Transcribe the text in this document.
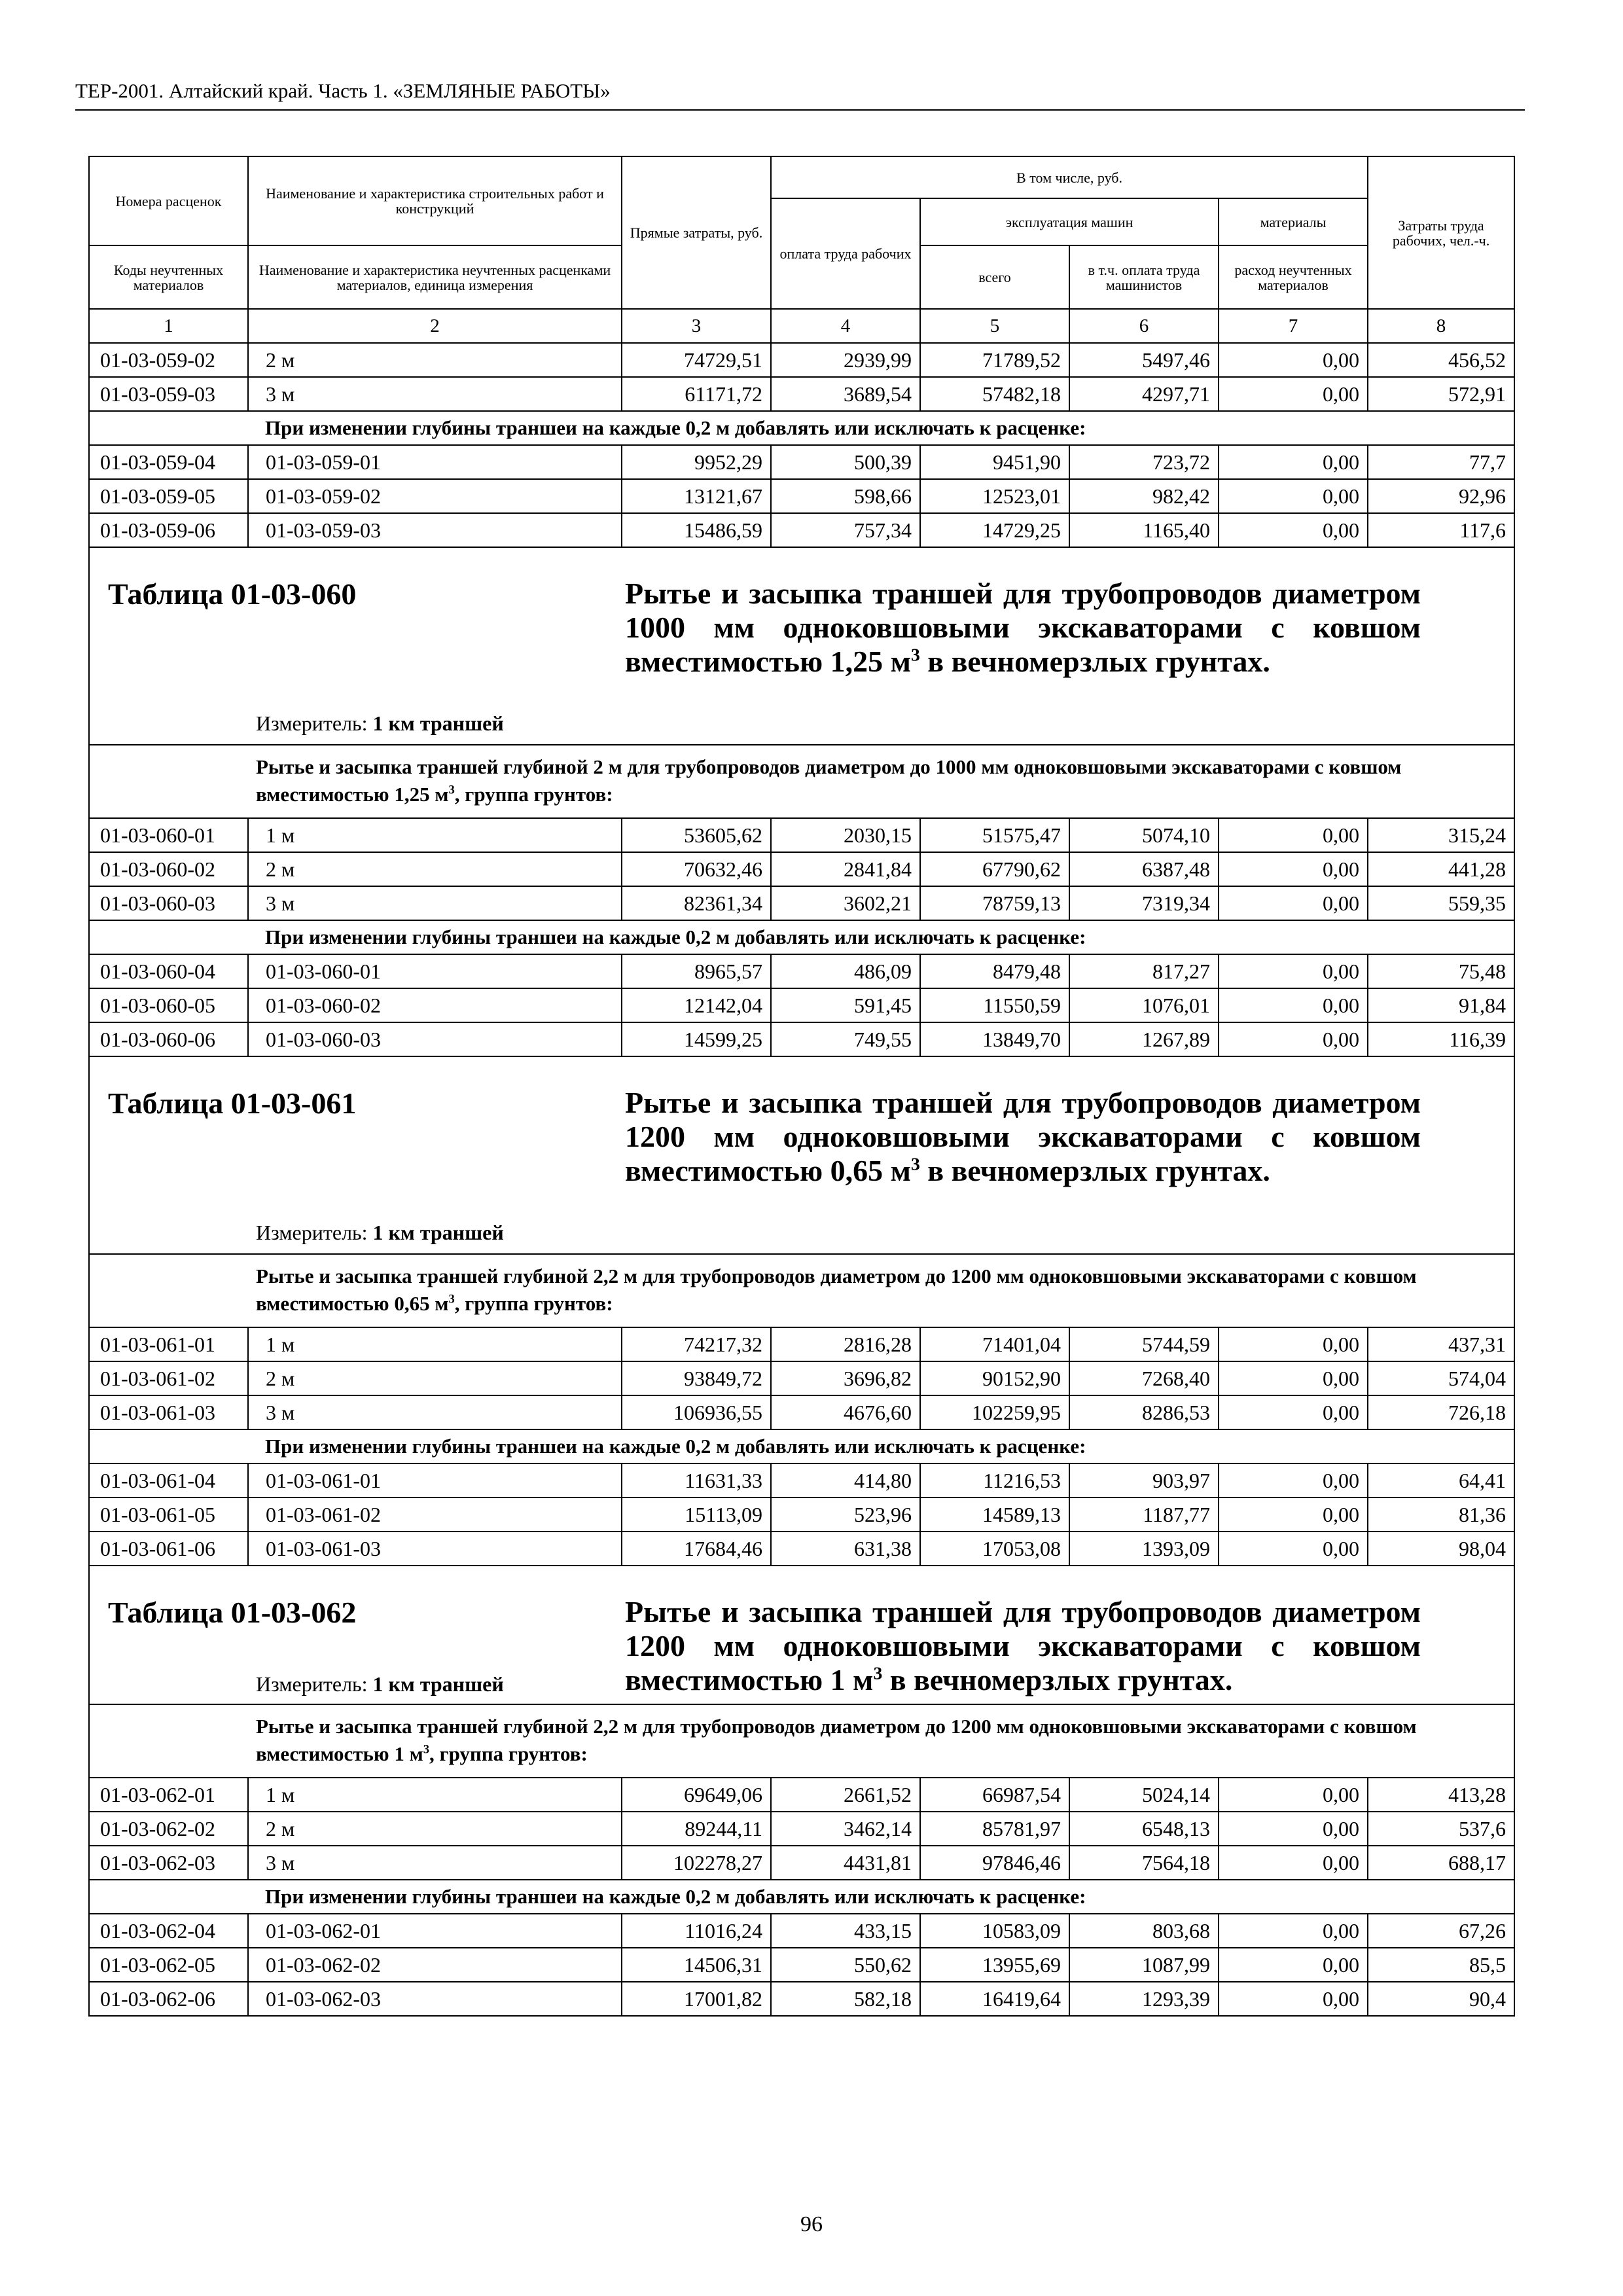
ТЕР-2001. Алтайский край. Часть 1. «ЗЕМЛЯНЫЕ РАБОТЫ»
Номера расценок	Наименование и характеристика строительных работ и конструкций	Прямые затраты, руб.	В том числе, руб.				Затраты труда рабочих, чел.-ч.
			оплата труда рабочих	эксплуатация машин		материалы	
Коды неучтенных материалов	Наименование и характеристика неучтенных расценками материалов, единица измерения			всего	в т.ч. оплата труда машинистов	расход неучтенных материалов	
1	2	3	4	5	6	7	8
01-03-059-02	2 м	74729,51	2939,99	71789,52	5497,46	0,00	456,52
01-03-059-03	3 м	61171,72	3689,54	57482,18	4297,71	0,00	572,91
При изменении глубины траншеи на каждые 0,2 м добавлять или исключать к расценке:							
01-03-059-04	01-03-059-01	9952,29	500,39	9451,90	723,72	0,00	77,7
01-03-059-05	01-03-059-02	13121,67	598,66	12523,01	982,42	0,00	92,96
01-03-059-06	01-03-059-03	15486,59	757,34	14729,25	1165,40	0,00	117,6

Таблица 01-03-060 Рытье и засыпка траншей для трубопроводов диаметром 1000 мм одноковшовыми экскаваторами с ковшом вместимостью 1,25 $м^3$ в вечномерзлых грунтах.
Измеритель: 1 км траншей							

Рытье и засыпка траншей глубиной 2 м для трубопроводов диаметром до 1000 мм одноковшовыми экскаваторами с ковшом вместимостью 1,25 $м^3$, группа грунтов:							
01-03-060-01	1 м	53605,62	2030,15	51575,47	5074,10	0,00	315,24
01-03-060-02	2 м	70632,46	2841,84	67790,62	6387,48	0,00	441,28
01-03-060-03	3 м	82361,34	3602,21	78759,13	7319,34	0,00	559,35
При изменении глубины траншеи на каждые 0,2 м добавлять или исключать к расценке:							
01-03-060-04	01-03-060-01	8965,57	486,09	8479,48	817,27	0,00	75,48
01-03-060-05	01-03-060-02	12142,04	591,45	11550,59	1076,01	0,00	91,84
01-03-060-06	01-03-060-03	14599,25	749,55	13849,70	1267,89	0,00	116,39

Таблица 01-03-061 Рытье и засыпка траншей для трубопроводов диаметром 1200 мм одноковшовыми экскаваторами с ковшом вместимостью 0,65 $м^3$ в вечномерзлых грунтах.
Измеритель: 1 км траншей							

Рытье и засыпка траншей глубиной 2,2 м для трубопроводов диаметром до 1200 мм одноковшовыми экскаваторами с ковшом вместимостью 0,65 $м^3$, группа грунтов:							
01-03-061-01	1 м	74217,32	2816,28	71401,04	5744,59	0,00	437,31
01-03-061-02	2 м	93849,72	3696,82	90152,90	7268,40	0,00	574,04
01-03-061-03	3 м	106936,55	4676,60	102259,95	8286,53	0,00	726,18
При изменении глубины траншеи на каждые 0,2 м добавлять или исключать к расценке:							
01-03-061-04	01-03-061-01	11631,33	414,80	11216,53	903,97	0,00	64,41
01-03-061-05	01-03-061-02	15113,09	523,96	14589,13	1187,77	0,00	81,36
01-03-061-06	01-03-061-03	17684,46	631,38	17053,08	1393,09	0,00	98,04

Таблица 01-03-062 Рытье и засыпка траншей для трубопроводов диаметром 1200 мм одноковшовыми экскаваторами с ковшом вместимостью 1 $м^3$ в вечномерзлых грунтах.
Измеритель: 1 км траншей							

Рытье и засыпка траншей глубиной 2,2 м для трубопроводов диаметром до 1200 мм одноковшовыми экскаваторами с ковшом вместимостью 1 $м^3$, группа грунтов:							
01-03-062-01	1 м	69649,06	2661,52	66987,54	5024,14	0,00	413,28
01-03-062-02	2 м	89244,11	3462,14	85781,97	6548,13	0,00	537,6
01-03-062-03	3 м	102278,27	4431,81	97846,46	7564,18	0,00	688,17
При изменении глубины траншеи на каждые 0,2 м добавлять или исключать к расценке:							
01-03-062-04	01-03-062-01	11016,24	433,15	10583,09	803,68	0,00	67,26
01-03-062-05	01-03-062-02	14506,31	550,62	13955,69	1087,99	0,00	85,5
01-03-062-06	01-03-062-03	17001,82	582,18	16419,64	1293,39	0,00	90,4
96
